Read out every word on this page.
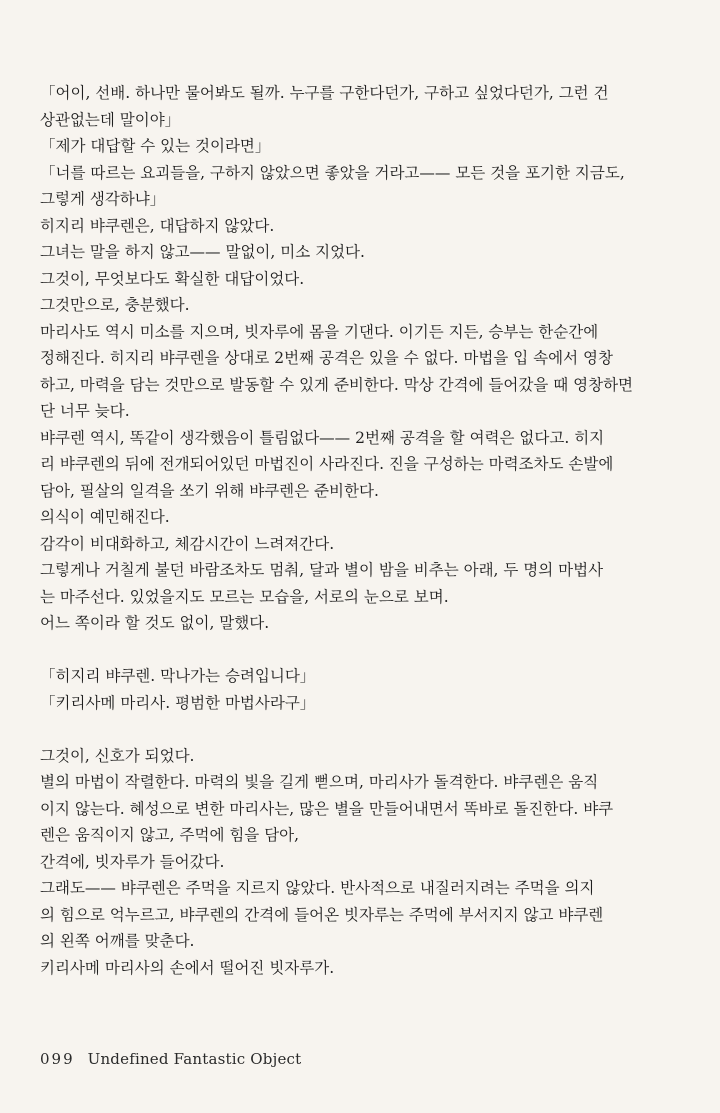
「어이, 선배. 하나만 물어봐도 될까. 누구를 구한다던가, 구하고 싶었다던가, 그런 건
상관없는데 말이야」
「제가 대답할 수 있는 것이라면」
「너를 따르는 요괴들을, 구하지 않았으면 좋았을 거라고—— 모든 것을 포기한 지금도,
그렇게 생각하냐」
히지리 뱌쿠렌은, 대답하지 않았다.
그녀는 말을 하지 않고—— 말없이, 미소 지었다.
그것이, 무엇보다도 확실한 대답이었다.
그것만으로, 충분했다.
마리사도 역시 미소를 지으며, 빗자루에 몸을 기댄다. 이기든 지든, 승부는 한순간에
정해진다. 히지리 뱌쿠렌을 상대로 2번째 공격은 있을 수 없다. 마법을 입 속에서 영창
하고, 마력을 담는 것만으로 발동할 수 있게 준비한다. 막상 간격에 들어갔을 때 영창하면
단 너무 늦다.
뱌쿠렌 역시, 똑같이 생각했음이 틀림없다—— 2번째 공격을 할 여력은 없다고. 히지
리 뱌쿠렌의 뒤에 전개되어있던 마법진이 사라진다. 진을 구성하는 마력조차도 손발에
담아, 필살의 일격을 쏘기 위해 뱌쿠렌은 준비한다.
의식이 예민해진다.
감각이 비대화하고, 체감시간이 느려져간다.
그렇게나 거칠게 불던 바람조차도 멈춰, 달과 별이 밤을 비추는 아래, 두 명의 마법사
는 마주선다. 있었을지도 모르는 모습을, 서로의 눈으로 보며.
어느 쪽이라 할 것도 없이, 말했다.
「히지리 뱌쿠렌. 막나가는 승려입니다」
「키리사메 마리사. 평범한 마법사라구」
그것이, 신호가 되었다.
별의 마법이 작렬한다. 마력의 빛을 길게 뻗으며, 마리사가 돌격한다. 뱌쿠렌은 움직
이지 않는다. 혜성으로 변한 마리사는, 많은 별을 만들어내면서 똑바로 돌진한다. 뱌쿠
렌은 움직이지 않고, 주먹에 힘을 담아,
간격에, 빗자루가 들어갔다.
그래도—— 뱌쿠렌은 주먹을 지르지 않았다. 반사적으로 내질러지려는 주먹을 의지
의 힘으로 억누르고, 뱌쿠렌의 간격에 들어온 빗자루는 주먹에 부서지지 않고 뱌쿠렌
의 왼쪽 어깨를 맞춘다.
키리사메 마리사의 손에서 떨어진 빗자루가.
099 Undefined Fantastic Object
